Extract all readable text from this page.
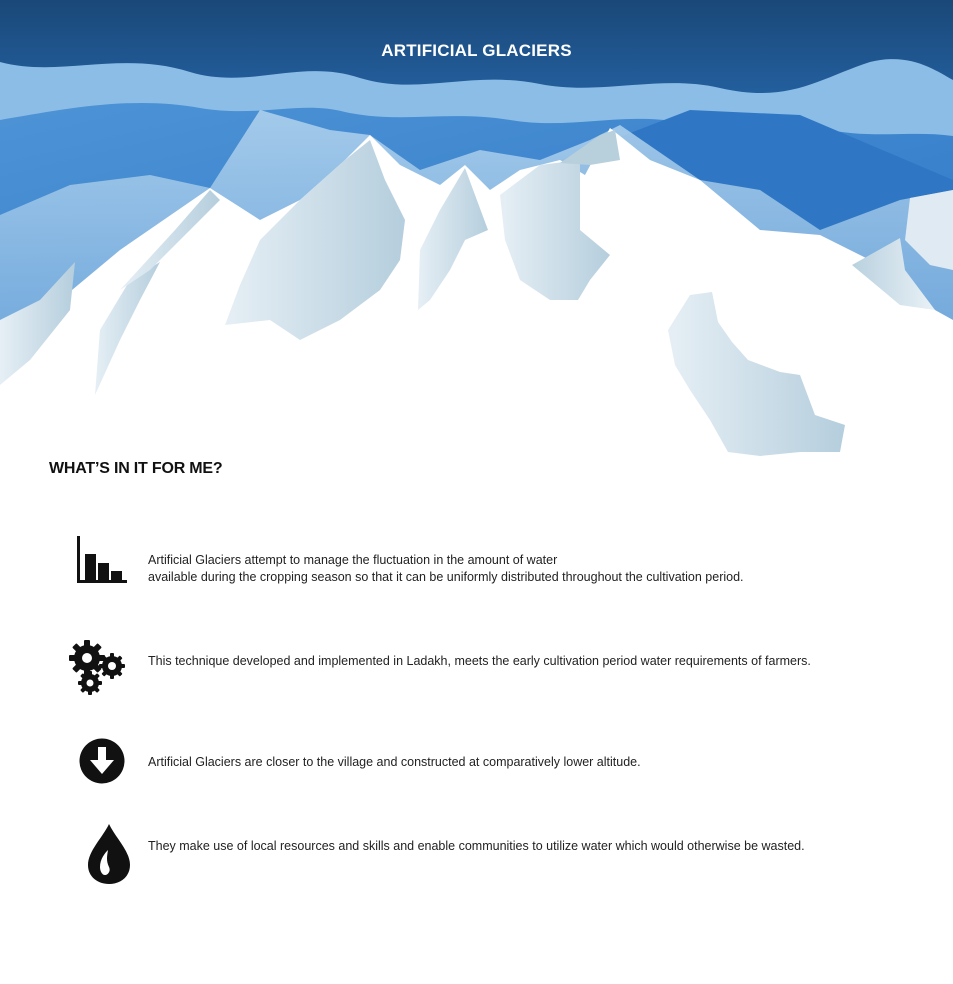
ARTIFICIAL GLACIERS
WHAT’S IN IT FOR ME?
Artificial Glaciers attempt to manage the fluctuation in the amount of water
available during the cropping season so that it can be uniformly distributed throughout the cultivation period.
This technique developed and implemented in Ladakh, meets the early cultivation period water requirements of farmers.
Artificial Glaciers are closer to the village and constructed at comparatively lower altitude.
They make use of local resources and skills and enable communities to utilize water which would otherwise be wasted.
